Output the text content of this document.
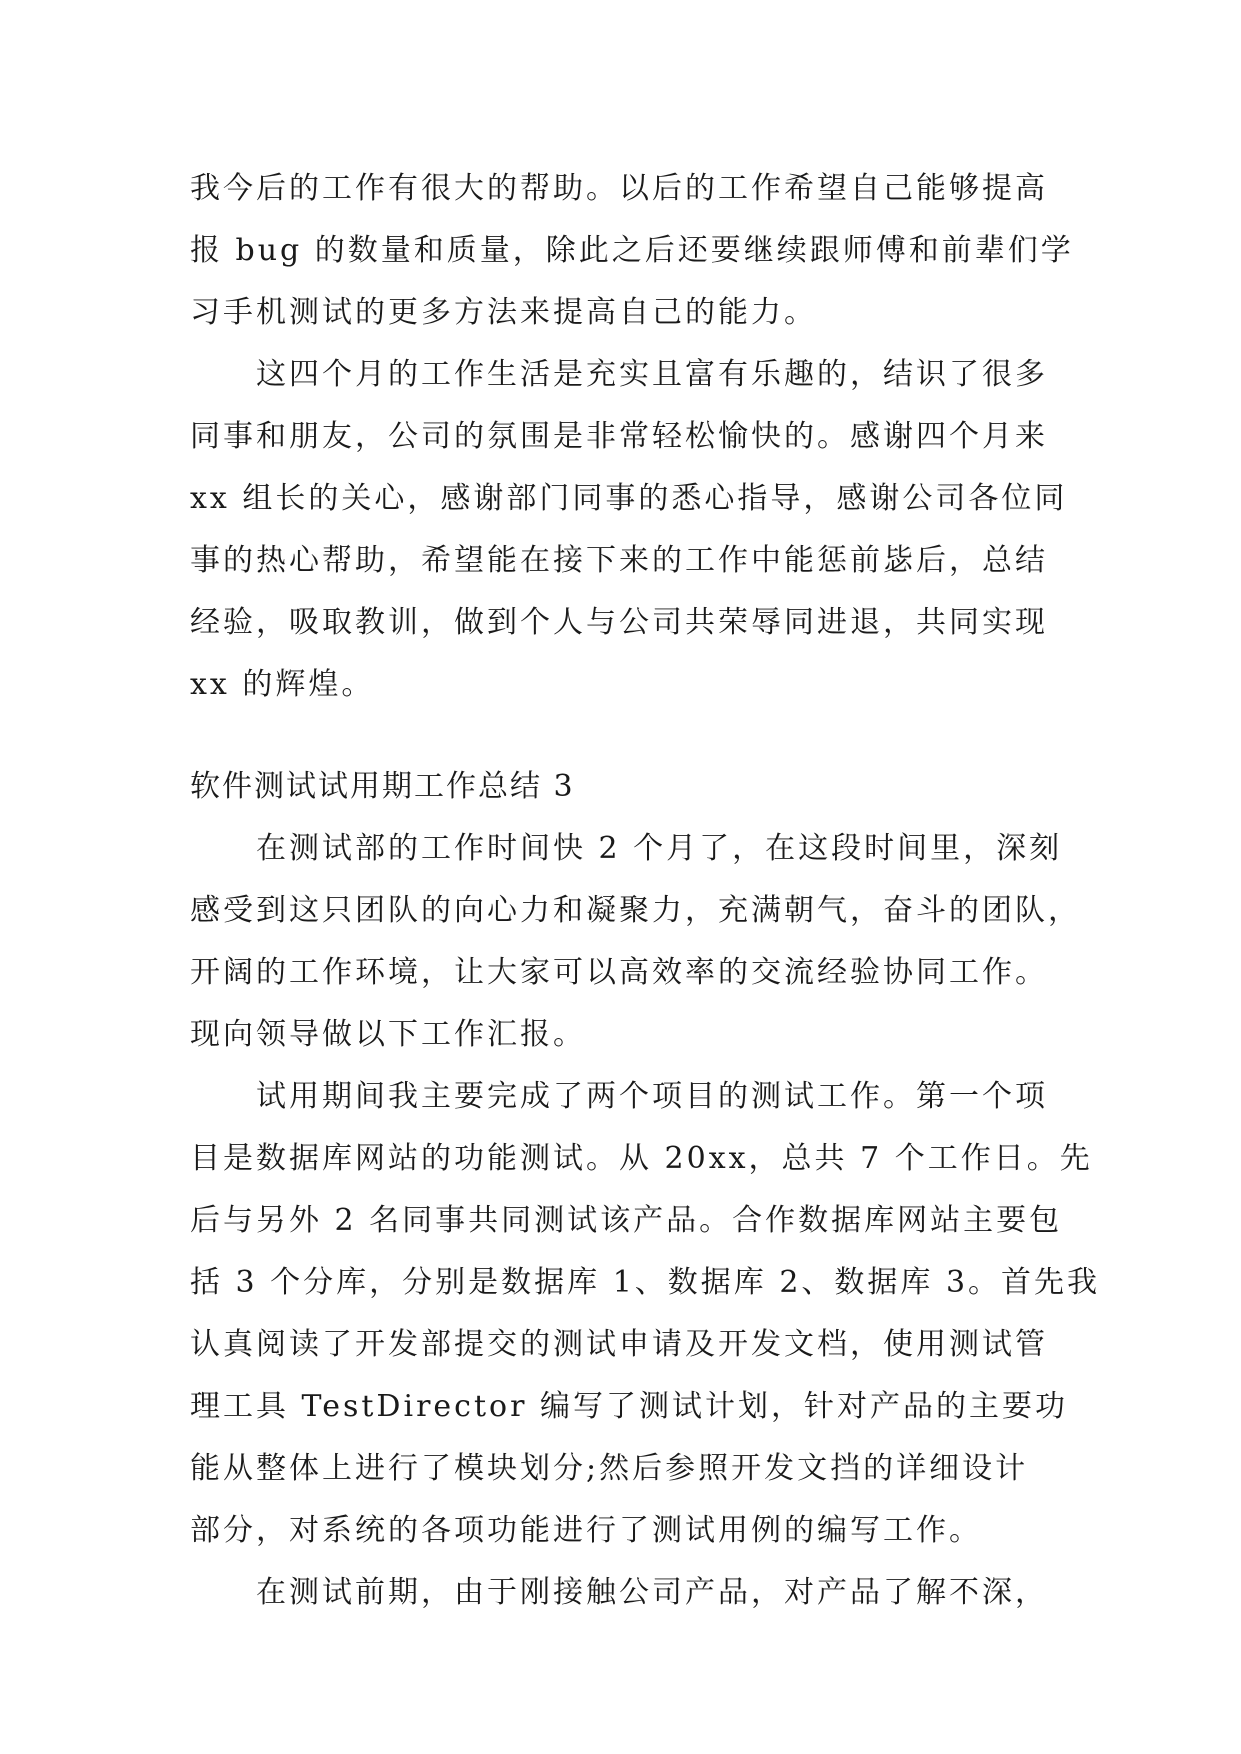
我今后的工作有很大的帮助。以后的工作希望自己能够提高
报 bug 的数量和质量，除此之后还要继续跟师傅和前辈们学
习手机测试的更多方法来提高自己的能力。
这四个月的工作生活是充实且富有乐趣的，结识了很多
同事和朋友，公司的氛围是非常轻松愉快的。感谢四个月来
xx 组长的关心，感谢部门同事的悉心指导，感谢公司各位同
事的热心帮助，希望能在接下来的工作中能惩前毖后，总结
经验，吸取教训，做到个人与公司共荣辱同进退，共同实现
xx 的辉煌。
软件测试试用期工作总结 3
在测试部的工作时间快 2 个月了，在这段时间里，深刻
感受到这只团队的向心力和凝聚力，充满朝气，奋斗的团队，
开阔的工作环境，让大家可以高效率的交流经验协同工作。
现向领导做以下工作汇报。
试用期间我主要完成了两个项目的测试工作。第一个项
目是数据库网站的功能测试。从 20xx，总共 7 个工作日。先
后与另外 2 名同事共同测试该产品。合作数据库网站主要包
括 3 个分库，分别是数据库 1、数据库 2、数据库 3。首先我
认真阅读了开发部提交的测试申请及开发文档，使用测试管
理工具 TestDirector 编写了测试计划，针对产品的主要功
能从整体上进行了模块划分;然后参照开发文挡的详细设计
部分，对系统的各项功能进行了测试用例的编写工作。
在测试前期，由于刚接触公司产品，对产品了解不深，
